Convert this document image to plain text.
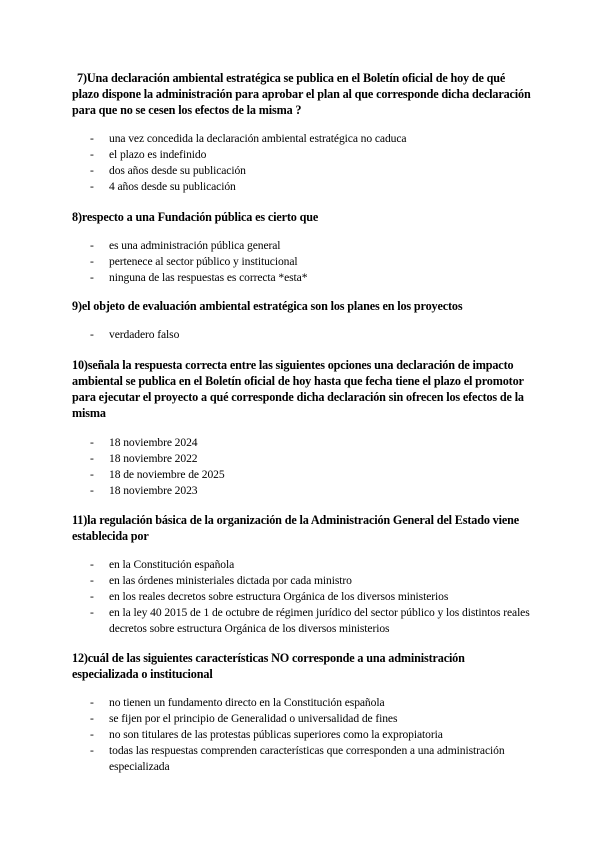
7)Una declaración ambiental estratégica se publica en el Boletín oficial de hoy de qué plazo dispone la administración para aprobar el plan al que corresponde dicha declaración para que no se cesen los efectos de la misma ?

- una vez concedida la declaración ambiental estratégica no caduca
- el plazo es indefinido
- dos años desde su publicación
- 4 años desde su publicación

8)respecto a una Fundación pública es cierto que

- es una administración pública general
- pertenece al sector público y institucional
- ninguna de las respuestas es correcta *esta*

9)el objeto de evaluación ambiental estratégica son los planes en los proyectos

- verdadero falso

10)señala la respuesta correcta entre las siguientes opciones una declaración de impacto ambiental se publica en el Boletín oficial de hoy hasta que fecha tiene el plazo el promotor para ejecutar el proyecto a qué corresponde dicha declaración sin ofrecen los efectos de la misma

- 18 noviembre 2024
- 18 noviembre 2022
- 18 de noviembre de 2025
- 18 noviembre 2023

11)la regulación básica de la organización de la Administración General del Estado viene establecida por

- en la Constitución española
- en las órdenes ministeriales dictada por cada ministro
- en los reales decretos sobre estructura Orgánica de los diversos ministerios
- en la ley 40 2015 de 1 de octubre de régimen jurídico del sector público y los distintos reales decretos sobre estructura Orgánica de los diversos ministerios

12)cuál de las siguientes características NO corresponde a una administración especializada o institucional

- no tienen un fundamento directo en la Constitución española
- se fijen por el principio de Generalidad o universalidad de fines
- no son titulares de las protestas públicas superiores como la expropiatoria
- todas las respuestas comprenden características que corresponden a una administración especializada
